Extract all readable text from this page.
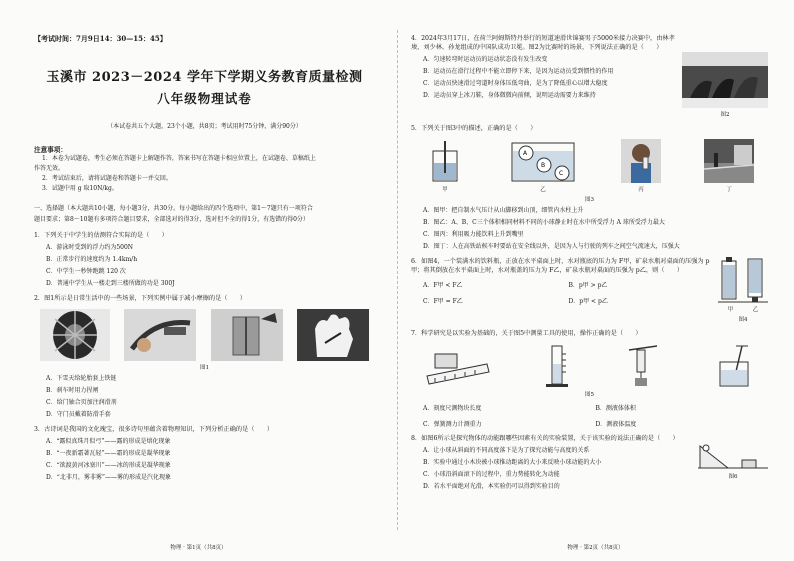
【考试时间：7月9日14：30—15：45】
玉溪市 2023－2024 学年下学期义务教育质量检测
八年级物理试卷
（本试卷共五个大题，23个小题，共8页；考试用时75分钟，满分90分）
注意事项：
1．本卷为试题卷，考生必须在答题卡上解题作答，答案书写在答题卡相应位置上，在试题卷、草稿纸上
作答无效。
2．考试结束后，请将试题卷和答题卡一并交回。
3．试题中用 g 取10N/kg。
一、选择题（本大题共10小题，每小题3分，共30分。每小题给出的四个选项中，第1～7题只有一项符合
题目要求；第8～10题有多项符合题目要求，全部选对的得3分，选对但不全的得1分，有选错的得0分）
1．下列关于中学生的估测符合实际的是（　　）
A．游泳时受到的浮力约为500N
B．正常步行的速度约为 1.4km/h
C．中学生一秒钟跑跳 120 次
D．普通中学生从一楼走到三楼所做的功是 300J
2．图1所示是日常生活中的一些场景，下列实例中属于减小摩擦的是（　　）
图1
A．下雪天给轮胎套上铁链
B．刹车时用力捏闸
C．给门轴合页加注润滑剂
D．守门员戴着防滑手套
3．古诗词是我国的文化瑰宝，很多诗句里蕴含着物理知识，下列分析正确的是（　　）
A．“露似真珠月似弓”——露的形成是熔化现象
B．“一夜新霜著瓦轻”——霜的形成是凝华现象
C．“欲渡黄河冰塞川”——冰的形成是凝华现象
D．“北非月，雾非雾”——雾的形成是汽化现象
物理 · 第1页（共8页）
4．2024年3月17日，在荷兰阿姆斯特丹举行的短道速滑世锦赛男子5000米接力决赛中，由林孝埈、刘少林、孙龙组成的中国队成功卫冕。图2为比赛时的场景，下列说法正确的是（　　）
A．匀速转弯时运动员的运动状态没有发生改变
B．运动员在滑行过程中不能立即停下来，是因为运动员受到惯性的作用
C．运动员快速滑过弯道时身体压低弯曲，是为了降低重心以增大稳度
D．运动员穿上冰刀鞋，身体微微向前倾，说明运动需要力来维持
图2
5．下列关于图3中的描述，正确的是（　　）
甲
A
B
C
乙	丙	丁
图3
A．图甲：把自制水气压计从山脚移到山顶，细管内水柱上升
B．图乙：A、B、C三个体积相同材料不同的小球静止时在水中所受浮力 A 球所受浮力最大
C．图丙：利用吸力能饮料上升到嘴里
D．图丁：人在高铁站候车时要站在安全线以外，是因为人与行驶的列车之间空气流速大，压强大
6．如图4，一个装满水的饮料瓶，正放在水平桌面上时，水对瓶底的压力为 F甲，矿泉水瓶对桌面的压强为 p甲；将其倒放在水平桌面上时，水对瓶盖的压力为 F乙，矿泉水瓶对桌面的压强为 p乙，则（　　）
A．F甲 < F乙	B．p甲 > p乙
C．F甲 = F乙	D．p甲 < p乙
甲	乙
图4
7．科学研究是以实验为基础的，关于图5中测量工具的使用，操作正确的是（　　）
图5
A．刻度尺测物块长度	B．测液体体积
C．弹簧测力计测重力	D．测液体温度
8．如图6所示是探究物体的动能跟哪些因素有关的实验装置，关于该实验的说法正确的是（　　）
A．让小球从斜面的不同高度落下是为了探究动能与高度的关系
B．实验中通过小木块被小球推动距离的大小来反映小球动能的大小
C．小球沿斜面滚下的过程中，重力势能转化为动能
D．若水平面绝对光滑，本实验仍可以得到实验目的
图6
物理 · 第2页（共8页）
